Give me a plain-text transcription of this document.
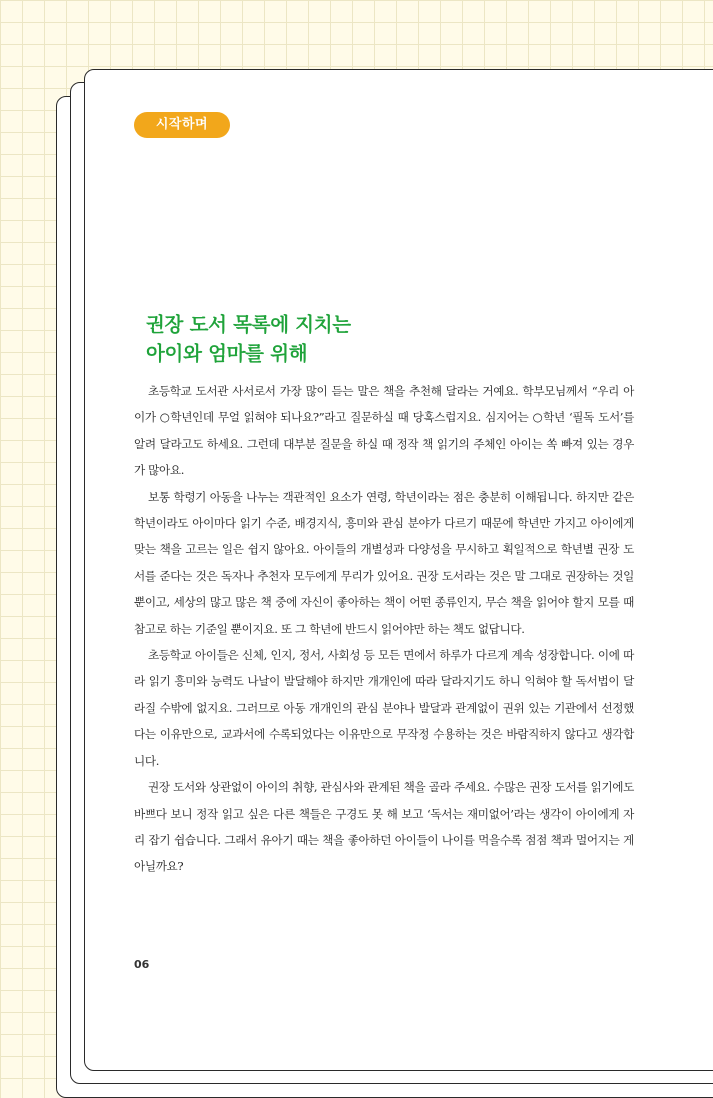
시작하며
권장 도서 목록에 지치는
아이와 엄마를 위해

초등학교 도서관 사서로서 가장 많이 듣는 말은 책을 추천해 달라는 거예요. 학부모님께서 “우리 아이가 ○학년인데 무얼 읽혀야 되나요?”라고 질문하실 때 당혹스럽지요. 심지어는 ○학년 ‘필독 도서’를 알려 달라고도 하세요. 그런데 대부분 질문을 하실 때 정작 책 읽기의 주체인 아이는 쏙 빠져 있는 경우가 많아요.

보통 학령기 아동을 나누는 객관적인 요소가 연령, 학년이라는 점은 충분히 이해됩니다. 하지만 같은 학년이라도 아이마다 읽기 수준, 배경지식, 흥미와 관심 분야가 다르기 때문에 학년만 가지고 아이에게 맞는 책을 고르는 일은 쉽지 않아요. 아이들의 개별성과 다양성을 무시하고 획일적으로 학년별 권장 도서를 준다는 것은 독자나 추천자 모두에게 무리가 있어요. 권장 도서라는 것은 말 그대로 권장하는 것일 뿐이고, 세상의 많고 많은 책 중에 자신이 좋아하는 책이 어떤 종류인지, 무슨 책을 읽어야 할지 모를 때 참고로 하는 기준일 뿐이지요. 또 그 학년에 반드시 읽어야만 하는 책도 없답니다.

초등학교 아이들은 신체, 인지, 정서, 사회성 등 모든 면에서 하루가 다르게 계속 성장합니다. 이에 따라 읽기 흥미와 능력도 나날이 발달해야 하지만 개개인에 따라 달라지기도 하니 익혀야 할 독서법이 달라질 수밖에 없지요. 그러므로 아동 개개인의 관심 분야나 발달과 관계없이 권위 있는 기관에서 선정했다는 이유만으로, 교과서에 수록되었다는 이유만으로 무작정 수용하는 것은 바람직하지 않다고 생각합니다.

권장 도서와 상관없이 아이의 취향, 관심사와 관계된 책을 골라 주세요. 수많은 권장 도서를 읽기에도 바쁘다 보니 정작 읽고 싶은 다른 책들은 구경도 못 해 보고 ‘독서는 재미없어’라는 생각이 아이에게 자리 잡기 쉽습니다. 그래서 유아기 때는 책을 좋아하던 아이들이 나이를 먹을수록 점점 책과 멀어지는 게 아닐까요?

06
